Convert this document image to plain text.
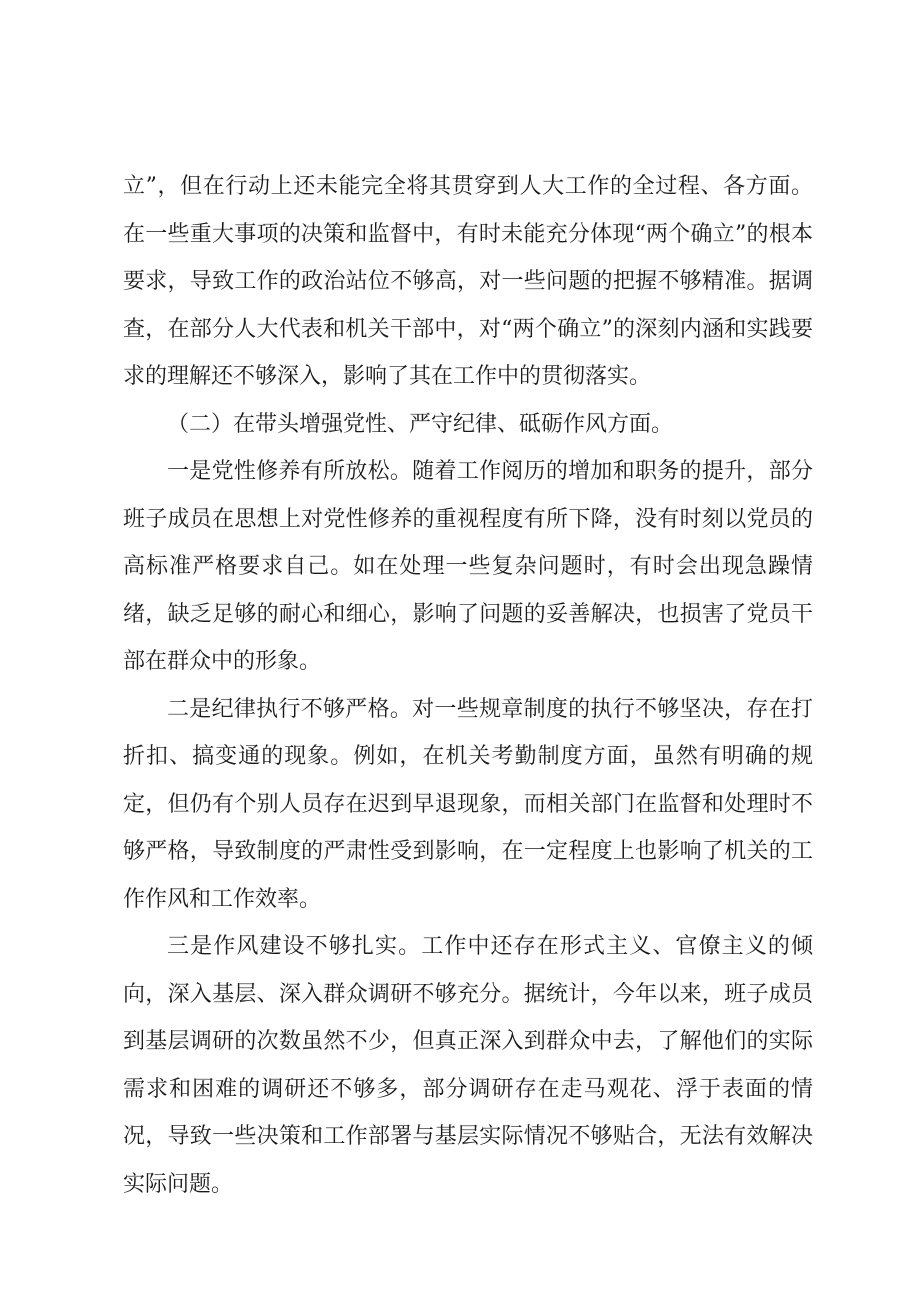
立”，但在行动上还未能完全将其贯穿到人大工作的全过程、各方面。在一些重大事项的决策和监督中，有时未能充分体现“两个确立”的根本要求，导致工作的政治站位不够高，对一些问题的把握不够精准。据调查，在部分人大代表和机关干部中，对“两个确立”的深刻内涵和实践要求的理解还不够深入，影响了其在工作中的贯彻落实。

（二）在带头增强党性、严守纪律、砥砺作风方面。

一是党性修养有所放松。随着工作阅历的增加和职务的提升，部分班子成员在思想上对党性修养的重视程度有所下降，没有时刻以党员的高标准严格要求自己。如在处理一些复杂问题时，有时会出现急躁情绪，缺乏足够的耐心和细心，影响了问题的妥善解决，也损害了党员干部在群众中的形象。

二是纪律执行不够严格。对一些规章制度的执行不够坚决，存在打折扣、搞变通的现象。例如，在机关考勤制度方面，虽然有明确的规定，但仍有个别人员存在迟到早退现象，而相关部门在监督和处理时不够严格，导致制度的严肃性受到影响，在一定程度上也影响了机关的工作作风和工作效率。

三是作风建设不够扎实。工作中还存在形式主义、官僚主义的倾向，深入基层、深入群众调研不够充分。据统计，今年以来，班子成员到基层调研的次数虽然不少，但真正深入到群众中去，了解他们的实际需求和困难的调研还不够多，部分调研存在走马观花、浮于表面的情况，导致一些决策和工作部署与基层实际情况不够贴合，无法有效解决实际问题。
